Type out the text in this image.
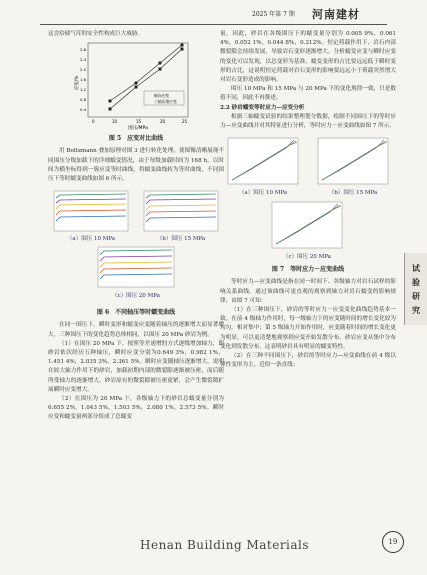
2025 年第 7 期 河南建材

这会给储气库的安全性构成巨大威胁。

应变/%
围压/MPa
0	10	15	20	25
0.4
0.8
1.2
1.6
2.0
2.4
2.8
轴向应变
三轴压缩应变
图 5　应变对比曲线

用 Boltzmann 叠加原理对图 3 进行转化处理，使图像清晰展现不同围压分级加载下的详细蠕变情况，由于每级加载时间为 168 h，以时间为横坐标得到一簇应变等时曲线，将蠕变曲线转为等时曲线，不同围压下等时蠕变曲线如图 6 所示。

（a）围压 10 MPa	（b）围压 15 MPa
（c）围压 20 MPa
图 6　不同轴压等时蠕变曲线

在同一围压下，瞬时变形和蠕变应变随着轴压的逐渐增大而显著增大。三种围压下的变化趋势总体相同，以围压 20 MPa 砂岩为例。

（1）在围压 20 MPa 下，按照等差递增的方式逐级增加轴力，即砂岩依次经历五种轴压，瞬时应变分别为0.649 3%，0.982 1%，1.451 4%，2.035 3%，2.361 5%。瞬时应变随轴压逐渐增大，说明在较大轴力作用下的砂岩，加载初期内部的微裂隙逐渐被压密，而后随所受轴力的逐渐增大，砂岩原有的微裂隙被压密更紧，会产生微裂隙扩展瞬时应变增大。

（2）在围压为 20 MPa 下，各级轴力下的砂岩总蠕变量分别为0.655 2%，1.043 5%，1.503 5%，2.080 1%，2.573 5%。瞬时应变和蠕变量两部分组成了总蠕变

量。因此，砂岩在各级围压下的蠕变量分别为 0.005 9%，0.061 4%，0.052 1%，0.044 8%，0.212%。恒定荷载作用下，岩石内部微裂隙会持续发展，导致岩石变形逐渐增大。分析蠕变应变与瞬时应变的变化可以发现，以总变形为基准，蠕变变形的占比要远远低于瞬时变形的占比，这说明恒定荷载对岩石变形的影响要远远小于荷载突然增大对岩石变形造成的影响。

围压 10 MPa 和 15 MPa 与 20 MPa 下的变化规律一致，只是数值不同，因此不再赘述。

2.2 砂岩蠕变等时应力—应变分析

根据三轴蠕变试验的结果整理划分数据，绘制不同围压下的等时应力—应变曲线并对其特征进行分析，等时应力－应变曲线如图 7 所示。

（a）围压 10 MPa	（b）围压 15 MPa
（c）围压 20 MPa
图 7　等时应力－应变曲线

等时应力—应变曲线是指在同一时间下、各级轴力对岩石试样的影响关系曲线。通过该曲线可更直观的观察到轴力对岩石蠕变的影响规律，由图 7 可知：

（1）在三种围压下，砂岩的等时应力－应变变化曲线趋势基本一致。在前 4 级轴力作用时，每一级轴力下的应变随时间的增长变化较为均匀。相对集中；第 5 级轴力开始作用时，应变随着时间的增长变化更为明显，可以更清楚地观察到应变开始发散分布。砂岩应变从集中分布变化到发散分布，这表明砂岩具有明显的蠕变特性。

（2）在三种不同围压下，砂岩的等时应力—应变曲线在前 4 级以弹性变形为主，近似一条直线；

试
验
研
究
Henan Building Materials	19
